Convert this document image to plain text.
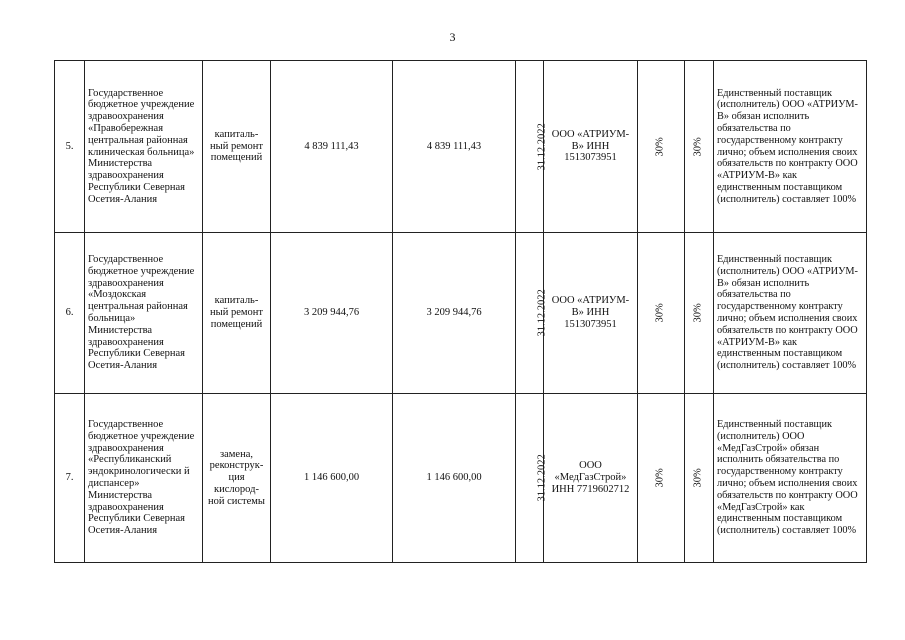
3
5.	Государственное бюджетное учреждение здравоохранения «Правобережная центральная районная клиническая больница» Министерства здравоохранения Республики Северная Осетия-Алания	капиталь-ный ремонт помещений	4 839 111,43	4 839 111,43	31.12.2022	ООО «АТРИУМ-В» ИНН 1513073951	30%	30%	Единственный поставщик (исполнитель) ООО «АТРИУМ-В» обязан исполнить обязательства по государственному контракту лично; объем исполнения своих обязательств по контракту ООО «АТРИУМ-В» как единственным поставщиком (исполнитель) составляет 100%
6.	Государственное бюджетное учреждение здравоохранения «Моздокская центральная районная больница» Министерства здравоохранения Республики Северная Осетия-Алания	капиталь-ный ремонт помещений	3 209 944,76	3 209 944,76	31.12.2022	ООО «АТРИУМ-В» ИНН 1513073951	30%	30%	Единственный поставщик (исполнитель) ООО «АТРИУМ-В» обязан исполнить обязательства по государственному контракту лично; объем исполнения своих обязательств по контракту ООО «АТРИУМ-В» как единственным поставщиком (исполнитель) составляет 100%
7.	Государственное бюджетное учреждение здравоохранения «Республиканский эндокринологически й диспансер» Министерства здравоохранения Республики Северная Осетия-Алания	замена, реконструк-ция кислород-ной системы	1 146 600,00	1 146 600,00	31.12.2022	ООО «МедГазСтрой» ИНН 7719602712	30%	30%	Единственный поставщик (исполнитель) ООО «МедГазСтрой» обязан исполнить обязательства по государственному контракту лично; объем исполнения своих обязательств по контракту ООО «МедГазСтрой» как единственным поставщиком (исполнитель) составляет 100%
